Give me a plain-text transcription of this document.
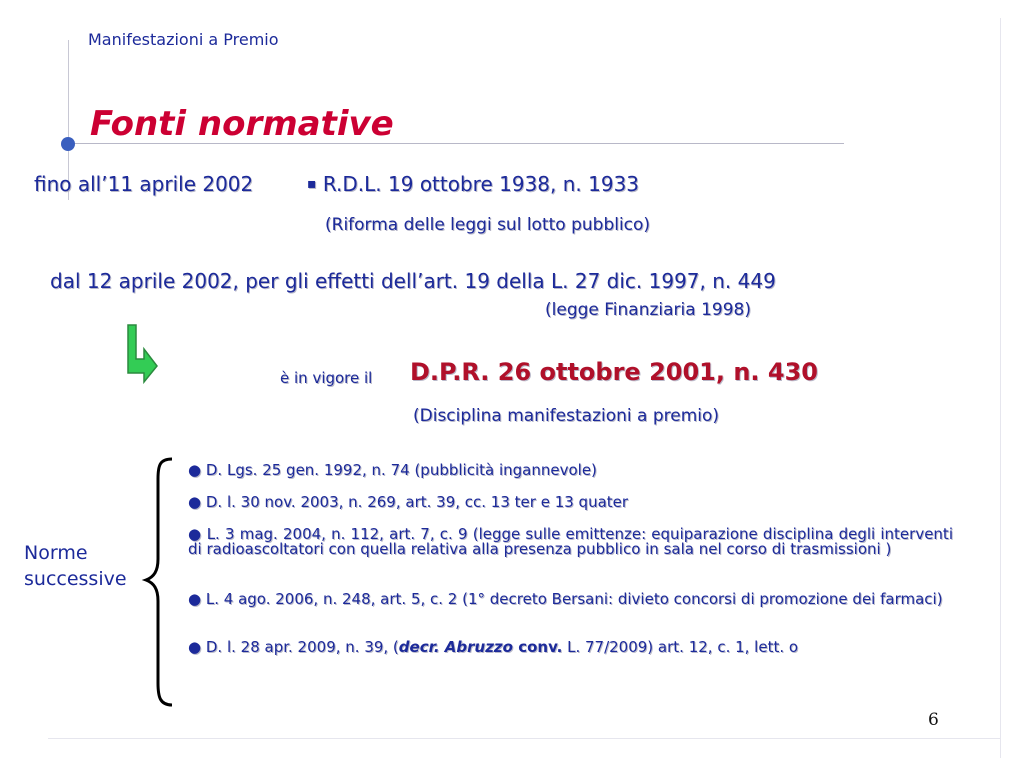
Manifestazioni a Premio
Fonti normative
fino all’11 aprile 2002	▪ R.D.L. 19 ottobre 1938, n. 1933
(Riforma delle leggi sul lotto pubblico)
dal 12 aprile 2002, per gli effetti dell’art. 19 della L. 27 dic. 1997, n. 449
(legge Finanziaria 1998)
è in vigore il D.P.R. 26 ottobre 2001, n. 430
(Disciplina manifestazioni a premio)
Norme
successive
● D. Lgs. 25 gen. 1992, n. 74 (pubblicità ingannevole)
● D. l. 30 nov. 2003, n. 269, art. 39, cc. 13 ter e 13 quater
● L. 3 mag. 2004, n. 112, art. 7, c. 9 (legge sulle emittenze: equiparazione disciplina degli interventi di radioascoltatori con quella relativa alla presenza pubblico in sala nel corso di trasmissioni )
● L. 4 ago. 2006, n. 248, art. 5, c. 2 (1° decreto Bersani: divieto concorsi di promozione dei farmaci)
● D. l. 28 apr. 2009, n. 39, (decr. Abruzzo conv. L. 77/2009) art. 12, c. 1, lett. o
6
